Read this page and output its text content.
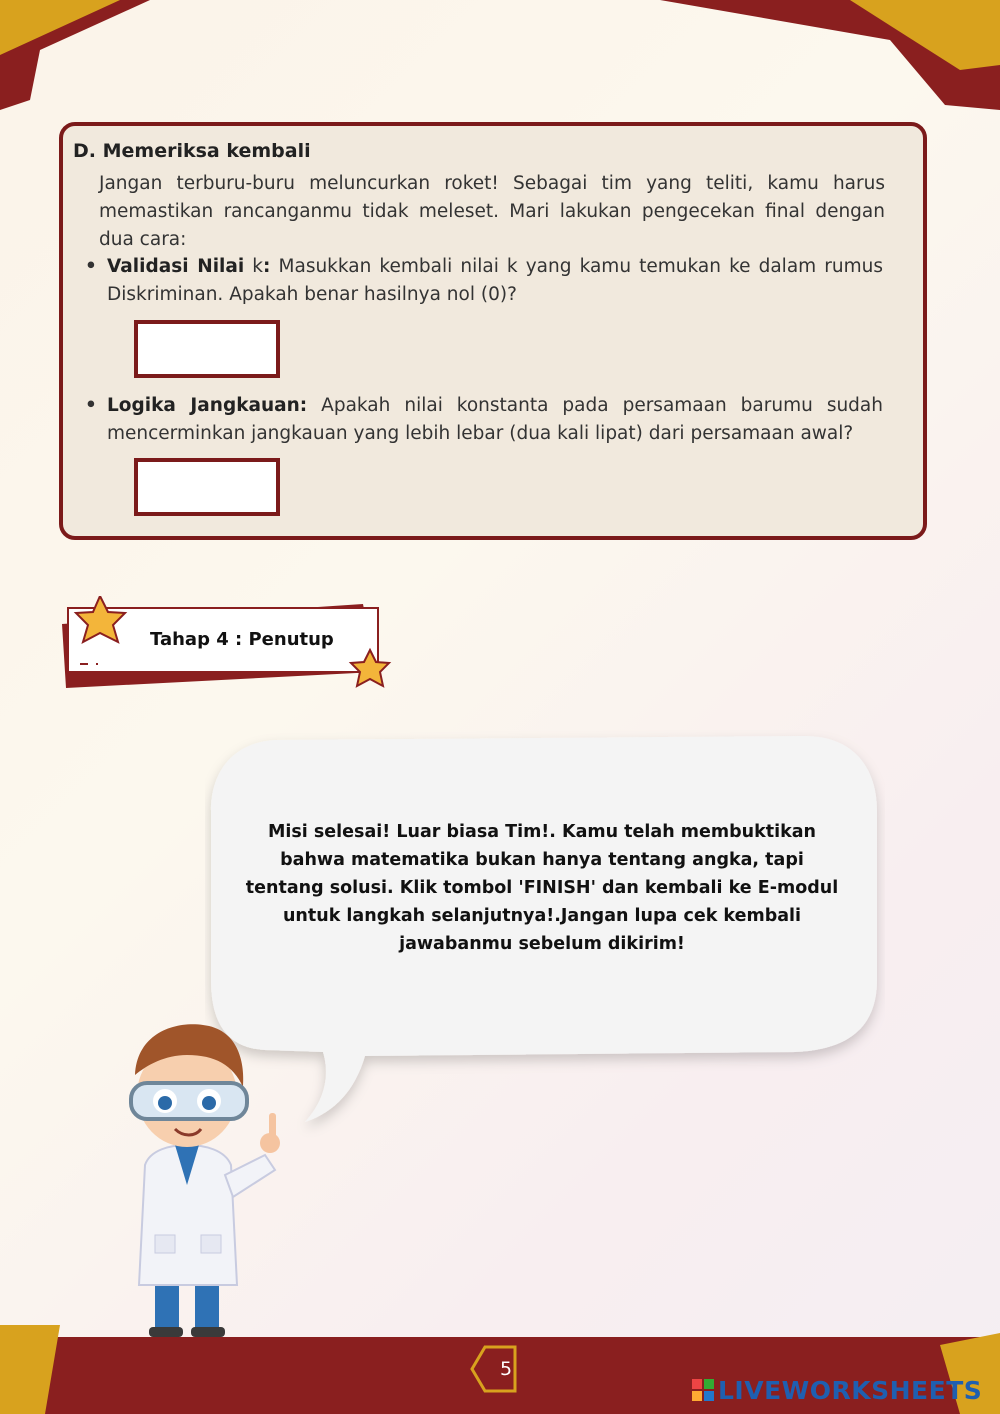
D. Memeriksa kembali

Jangan terburu-buru meluncurkan roket! Sebagai tim yang teliti, kamu harus memastikan rancanganmu tidak meleset. Mari lakukan pengecekan final dengan dua cara:

• Validasi Nilai k: Masukkan kembali nilai k yang kamu temukan ke dalam rumus Diskriminan. Apakah benar hasilnya nol (0)?
• Logika Jangkauan: Apakah nilai konstanta pada persamaan barumu sudah mencerminkan jangkauan yang lebih lebar (dua kali lipat) dari persamaan awal?
Tahap 4 : Penutup
Misi selesai! Luar biasa Tim!. Kamu telah membuktikan bahwa matematika bukan hanya tentang angka, tapi tentang solusi. Klik tombol 'FINISH' dan kembali ke E-modul untuk langkah selanjutnya!.Jangan lupa cek kembali jawabanmu sebelum dikirim!
5
LIVEWORKSHEETS
